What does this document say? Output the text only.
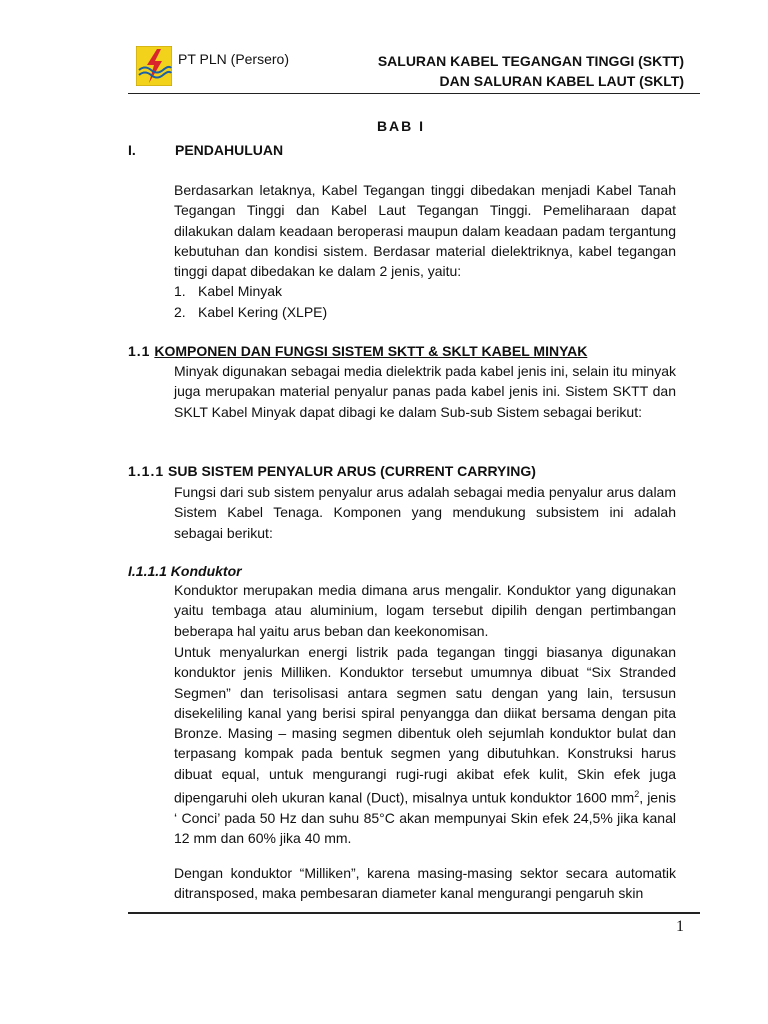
PT PLN (Persero)	SALURAN KABEL TEGANGAN TINGGI (SKTT)
DAN SALURAN KABEL LAUT (SKLT)
BAB I
I.	PENDAHULUAN

Berdasarkan letaknya, Kabel Tegangan tinggi dibedakan menjadi Kabel Tanah Tegangan Tinggi dan Kabel Laut Tegangan Tinggi. Pemeliharaan dapat dilakukan dalam keadaan beroperasi maupun dalam keadaan padam tergantung kebutuhan dan kondisi sistem. Berdasar material dielektriknya, kabel tegangan tinggi dapat dibedakan ke dalam 2 jenis, yaitu:

1. Kabel Minyak
2. Kabel Kering (XLPE)
1.1 KOMPONEN DAN FUNGSI SISTEM SKTT & SKLT KABEL MINYAK

Minyak digunakan sebagai media dielektrik pada kabel jenis ini, selain itu minyak juga merupakan material penyalur panas pada kabel jenis ini. Sistem SKTT dan SKLT Kabel Minyak dapat dibagi ke dalam Sub-sub Sistem sebagai berikut:

1.1.1 SUB SISTEM PENYALUR ARUS (CURRENT CARRYING)

Fungsi dari sub sistem penyalur arus adalah sebagai media penyalur arus dalam Sistem Kabel Tenaga. Komponen yang mendukung subsistem ini adalah sebagai berikut:

I.1.1.1 Konduktor

Konduktor merupakan media dimana arus mengalir. Konduktor yang digunakan yaitu tembaga atau aluminium, logam tersebut dipilih dengan pertimbangan beberapa hal yaitu arus beban dan keekonomisan.

Untuk menyalurkan energi listrik pada tegangan tinggi biasanya digunakan konduktor jenis Milliken. Konduktor tersebut umumnya dibuat “Six Stranded Segmen” dan terisolisasi antara segmen satu dengan yang lain, tersusun disekeliling kanal yang berisi spiral penyangga dan diikat bersama dengan pita Bronze. Masing – masing segmen dibentuk oleh sejumlah konduktor bulat dan terpasang kompak pada bentuk segmen yang dibutuhkan. Konstruksi harus dibuat equal, untuk mengurangi rugi-rugi akibat efek kulit, Skin efek juga dipengaruhi oleh ukuran kanal (Duct), misalnya untuk konduktor 1600 $mm^2$, jenis ‘ Conci’ pada 50 Hz dan suhu 85°C akan mempunyai Skin efek 24,5% jika kanal 12 mm dan 60% jika 40 mm.

Dengan konduktor “Milliken”, karena masing-masing sektor secara automatik ditransposed, maka pembesaran diameter kanal mengurangi pengaruh skin

1
